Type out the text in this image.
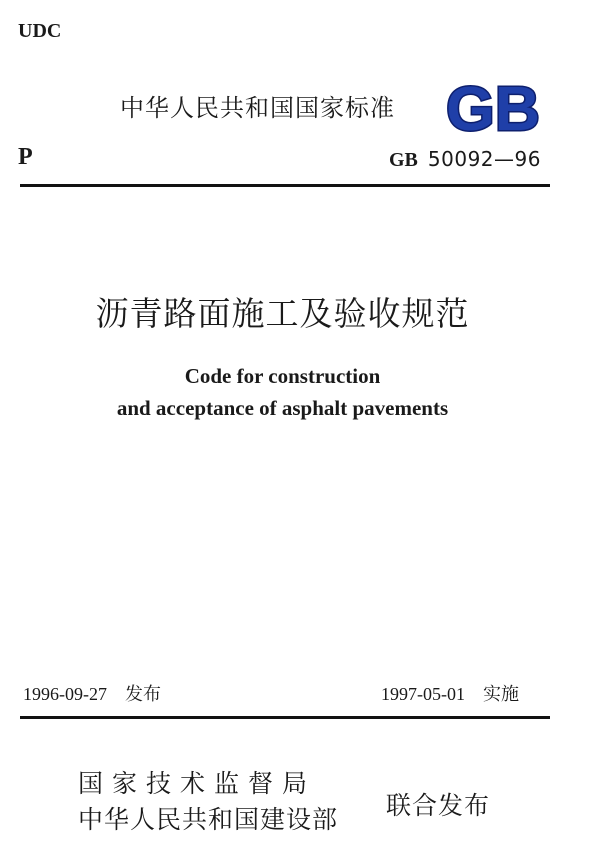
UDC
中华人民共和国国家标准 GB
P	GB 50092—96
沥青路面施工及验收规范
Code for construction
and acceptance of asphalt pavements
1996-09-27 发布	1997-05-01 实施
国家技术监督局
中华人民共和国建设部 联合发布
